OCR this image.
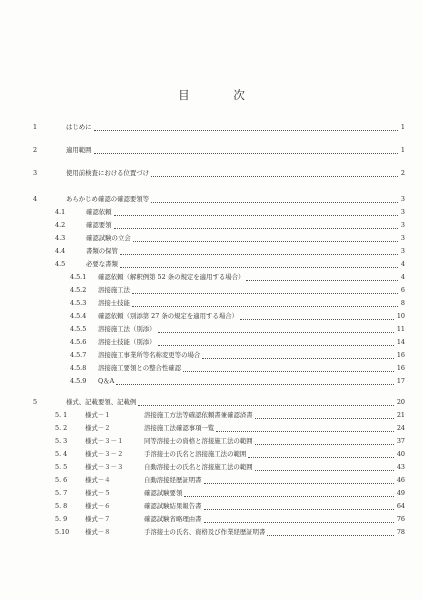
目 次
1	はじめに	1
2	適用範囲	1
3	使用前検査における位置づけ	2
4	あらかじめ確認の確認要領等	3
4.1	確認依頼	3
4.2	確認要領	3
4.3	確認試験の立会	3
4.4	書類の保管	3
4.5	必要な書類	4
4.5.1 確認依頼（解釈例第 52 条の規定を適用する場合）	4
4.5.2 溶接施工法	6
4.5.3 溶接士技能	8
4.5.4 確認依頼（別添第 27 条の規定を適用する場合）	10
4.5.5 溶接施工法（別添）	11
4.5.6 溶接士技能（別添）	14
4.5.7 溶接施工事業所等名称変更等の場合	16
4.5.8 溶接施工要領との整合性確認	16
4.5.9 Q＆A	17
5	様式、記載要領、記載例	20
5. 1	様式－１	溶接施工方法等確認依頼書兼確認済書	21
5. 2	様式－２	溶接施工法確認事項一覧	24
5. 3	様式－３－１	同等溶接士の資格と溶接施工法の範囲	37
5. 4	様式－３－２	手溶接士の氏名と溶接施工法の範囲	40
5. 5	様式－３－３	自動溶接士の氏名と溶接施工法の範囲	43
5. 6	様式－４	自動溶接経歴証明書	46
5. 7	様式－５	確認試験要領	49
5. 8	様式－６	確認試験結果報告書	64
5. 9	様式－７	確認試験省略理由書	76
5.10 様式－８	手溶接士の氏名、資格及び作業経歴証明書	78
